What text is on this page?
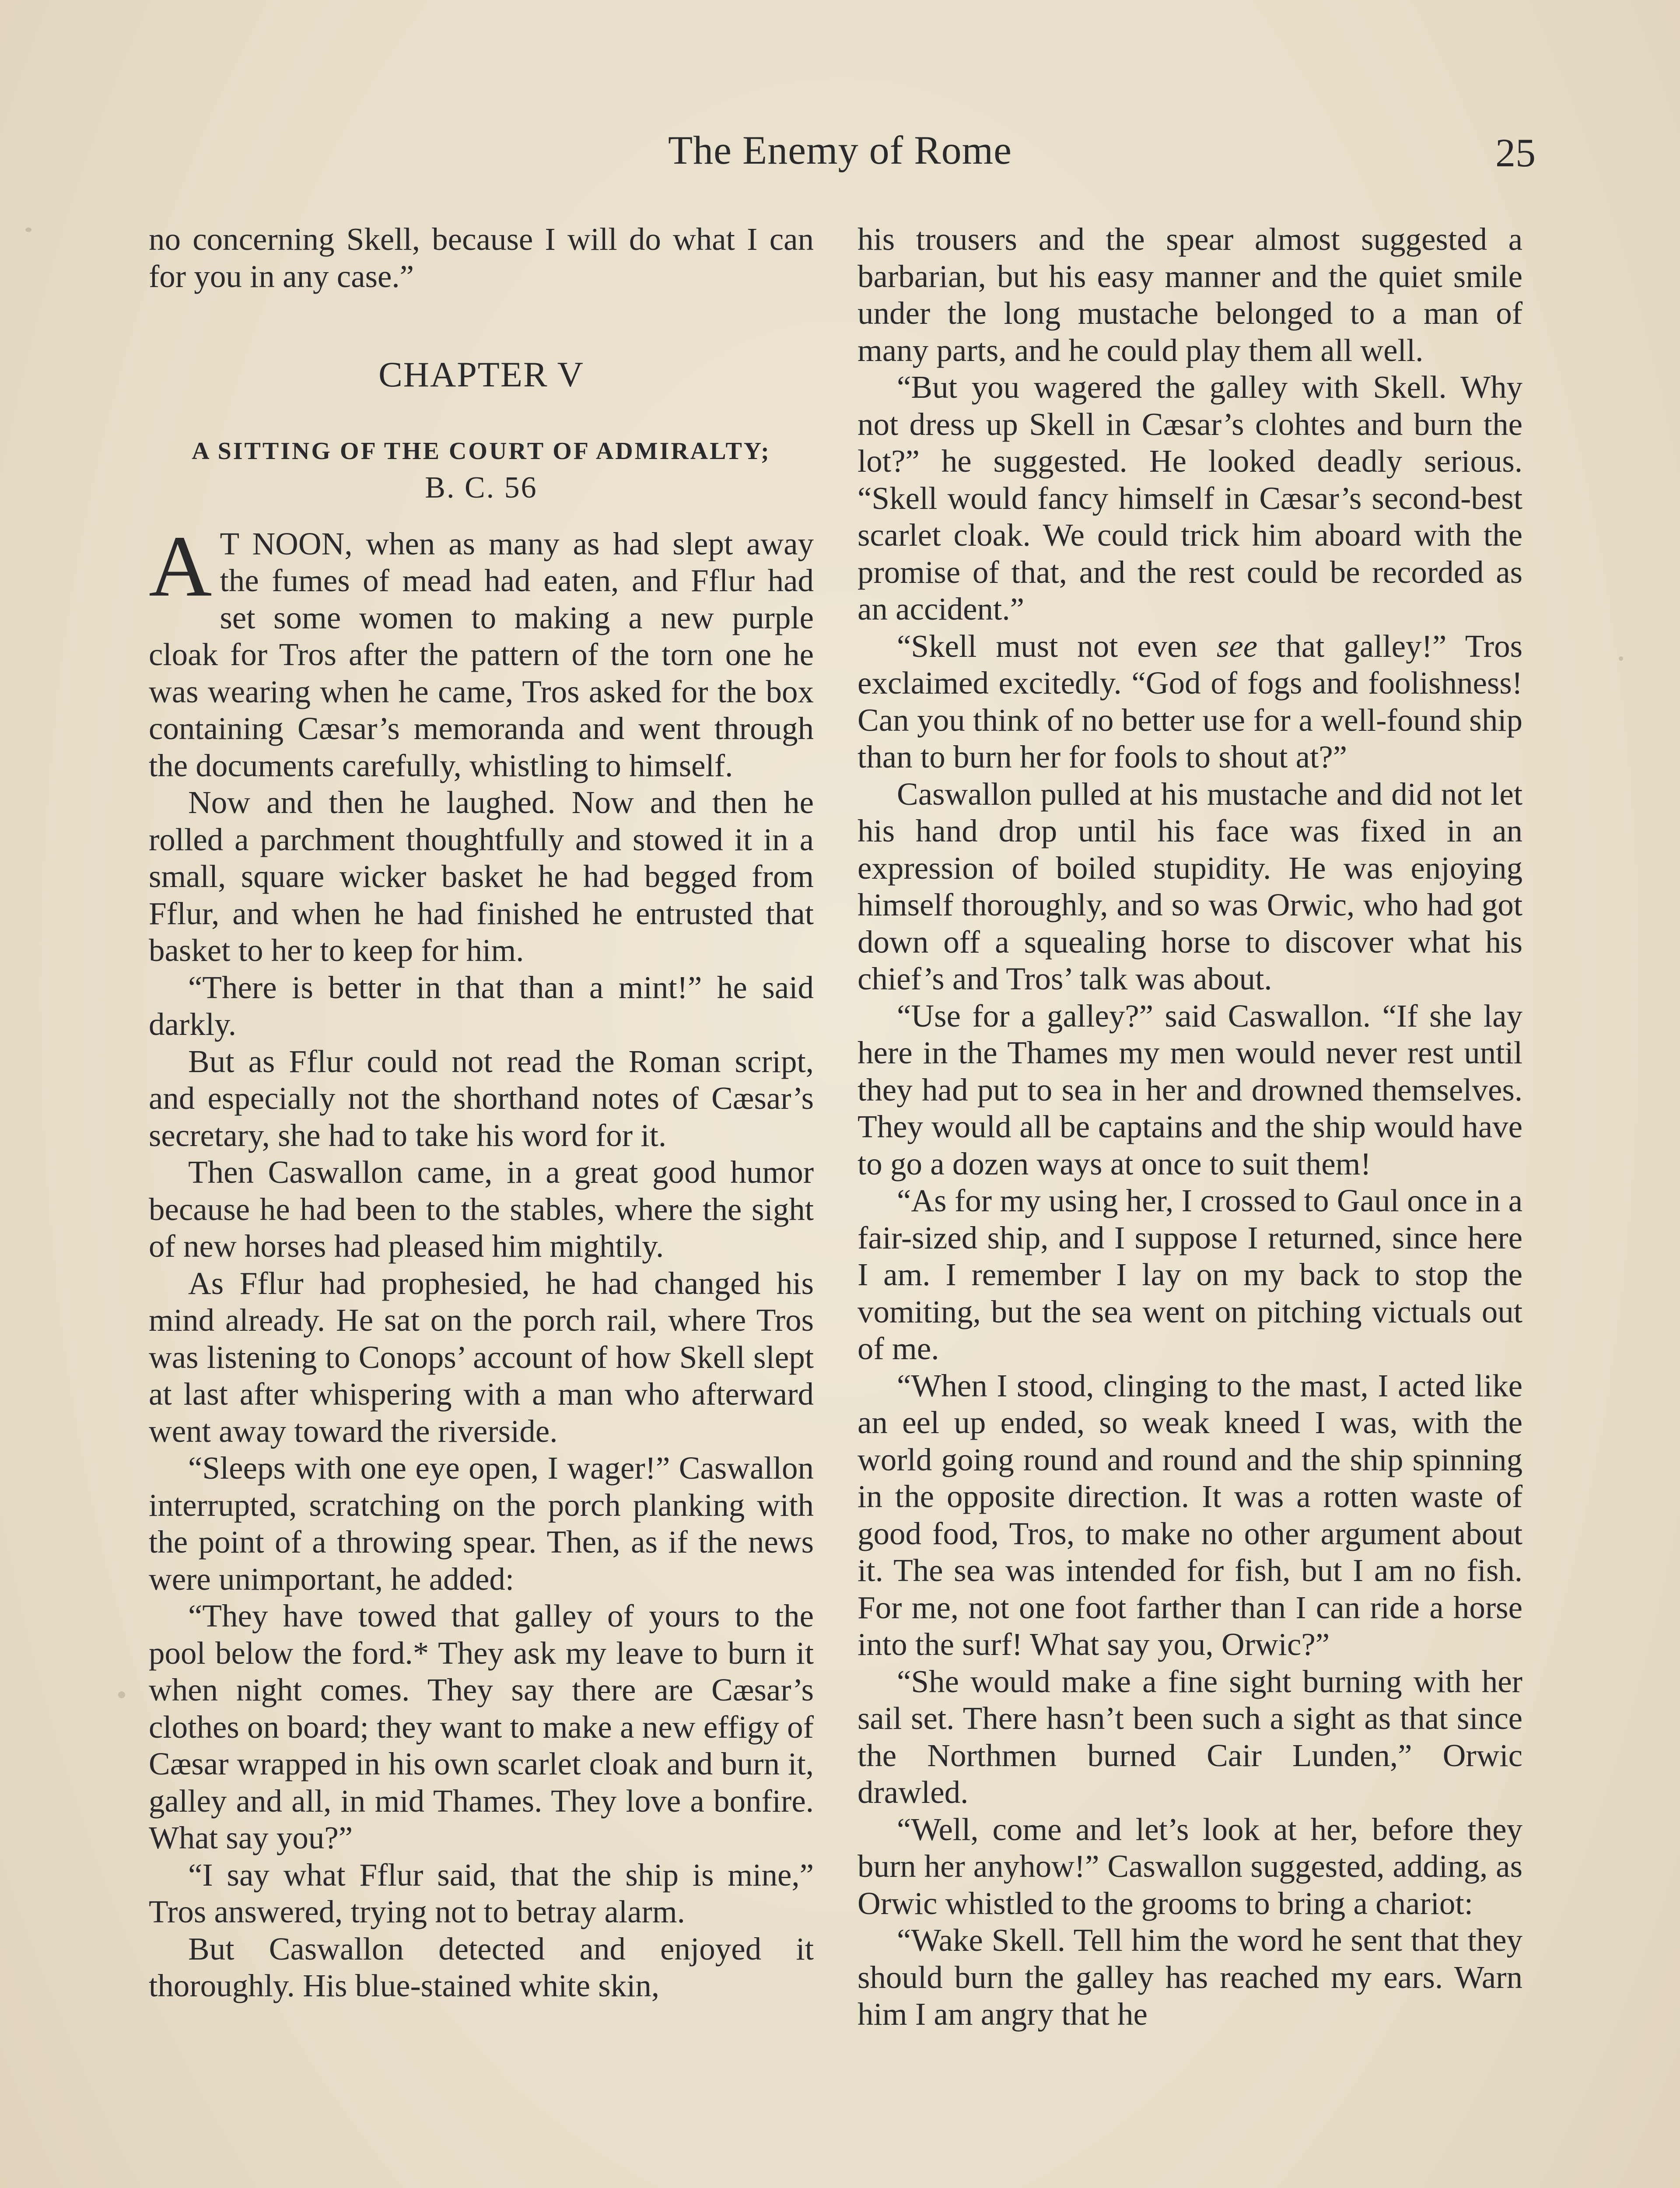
The Enemy of Rome	25

no concerning Skell, because I will do what I can for you in any case.”

CHAPTER V
A SITTING OF THE COURT OF ADMIRALTY;
B. C. 56

A T NOON, when as many as had slept away the fumes of mead had eaten, and Fflur had set some women to making a new purple cloak for Tros after the pattern of the torn one he was wearing when he came, Tros asked for the box containing Cæsar’s memoranda and went through the documents carefully, whistling to himself.

Now and then he laughed. Now and then he rolled a parchment thoughtfully and stowed it in a small, square wicker basket he had begged from Fflur, and when he had finished he entrusted that basket to her to keep for him.

“There is better in that than a mint!” he said darkly.

But as Fflur could not read the Roman script, and especially not the shorthand notes of Cæsar’s secretary, she had to take his word for it.

Then Caswallon came, in a great good humor because he had been to the stables, where the sight of new horses had pleased him mightily.

As Fflur had prophesied, he had changed his mind already. He sat on the porch rail, where Tros was listening to Conops’ account of how Skell slept at last after whispering with a man who afterward went away toward the riverside.

“Sleeps with one eye open, I wager!” Caswallon interrupted, scratching on the porch planking with the point of a throwing spear. Then, as if the news were unimportant, he added:

“They have towed that galley of yours to the pool below the ford.* They ask my leave to burn it when night comes. They say there are Cæsar’s clothes on board; they want to make a new effigy of Cæsar wrapped in his own scarlet cloak and burn it, galley and all, in mid Thames. They love a bonfire. What say you?”

“I say what Fflur said, that the ship is mine,” Tros answered, trying not to betray alarm.

But Caswallon detected and enjoyed it thoroughly. His blue-stained white skin,

his trousers and the spear almost suggested a barbarian, but his easy manner and the quiet smile under the long mustache belonged to a man of many parts, and he could play them all well.

“But you wagered the galley with Skell. Why not dress up Skell in Cæsar’s clohtes and burn the lot?” he suggested. He looked deadly serious. “Skell would fancy himself in Cæsar’s second-best scarlet cloak. We could trick him aboard with the promise of that, and the rest could be recorded as an accident.”

“Skell must not even see that galley!” Tros exclaimed excitedly. “God of fogs and foolishness! Can you think of no better use for a well-found ship than to burn her for fools to shout at?”

Caswallon pulled at his mustache and did not let his hand drop until his face was fixed in an expression of boiled stupidity. He was enjoying himself thoroughly, and so was Orwic, who had got down off a squealing horse to discover what his chief’s and Tros’ talk was about.

“Use for a galley?” said Caswallon. “If she lay here in the Thames my men would never rest until they had put to sea in her and drowned themselves. They would all be captains and the ship would have to go a dozen ways at once to suit them!

“As for my using her, I crossed to Gaul once in a fair-sized ship, and I suppose I returned, since here I am. I remember I lay on my back to stop the vomiting, but the sea went on pitching victuals out of me.

“When I stood, clinging to the mast, I acted like an eel up ended, so weak kneed I was, with the world going round and round and the ship spinning in the opposite direction. It was a rotten waste of good food, Tros, to make no other argument about it. The sea was intended for fish, but I am no fish. For me, not one foot farther than I can ride a horse into the surf! What say you, Orwic?”

“She would make a fine sight burning with her sail set. There hasn’t been such a sight as that since the Northmen burned Cair Lunden,” Orwic drawled.

“Well, come and let’s look at her, before they burn her anyhow!” Caswallon suggested, adding, as Orwic whistled to the grooms to bring a chariot:

“Wake Skell. Tell him the word he sent that they should burn the galley has reached my ears. Warn him I am angry that he
